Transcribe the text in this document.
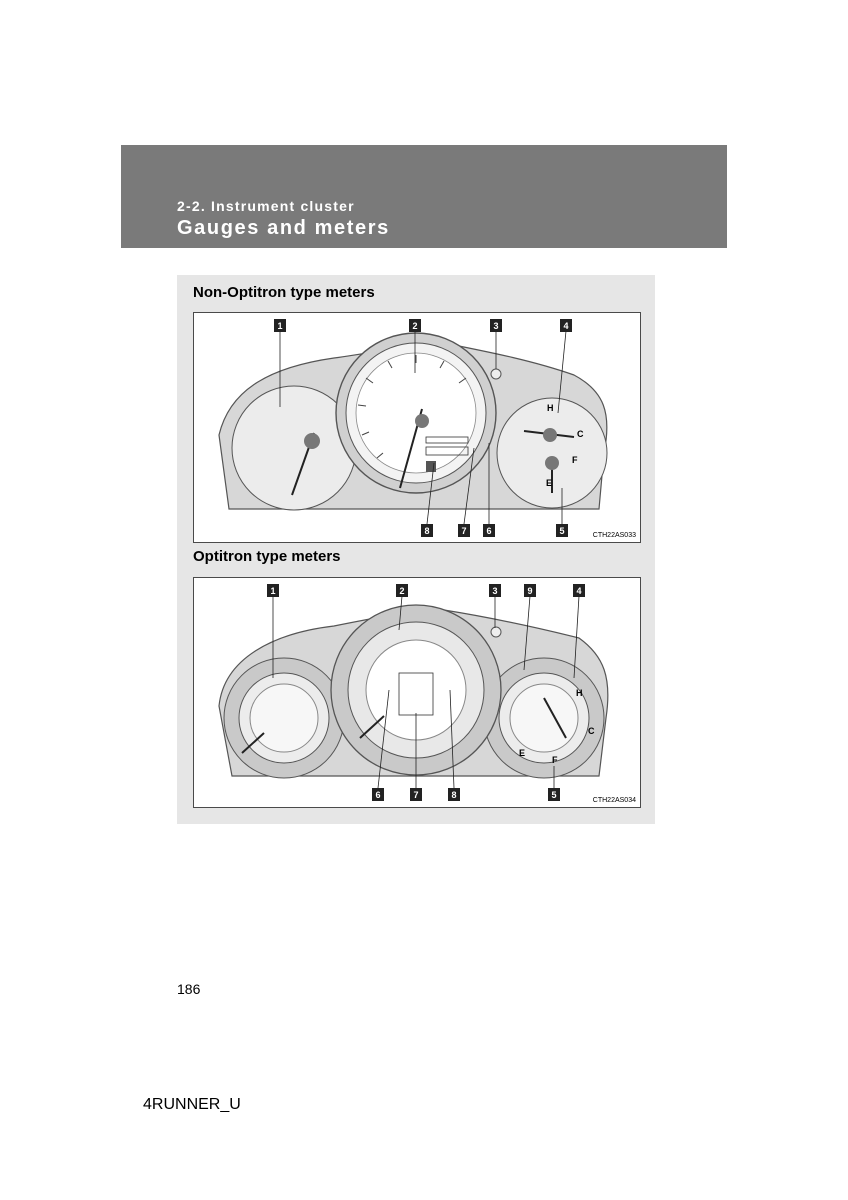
2-2. Instrument cluster
Gauges and meters
Non-Optitron type meters
H
C
E
F
1	2	3	4
8	7 6	5	CTH22AS033
Optitron type meters
H
C
E
F
1	2	3	9	4
6	7	8	5
CTH22AS034
186
4RUNNER_U
